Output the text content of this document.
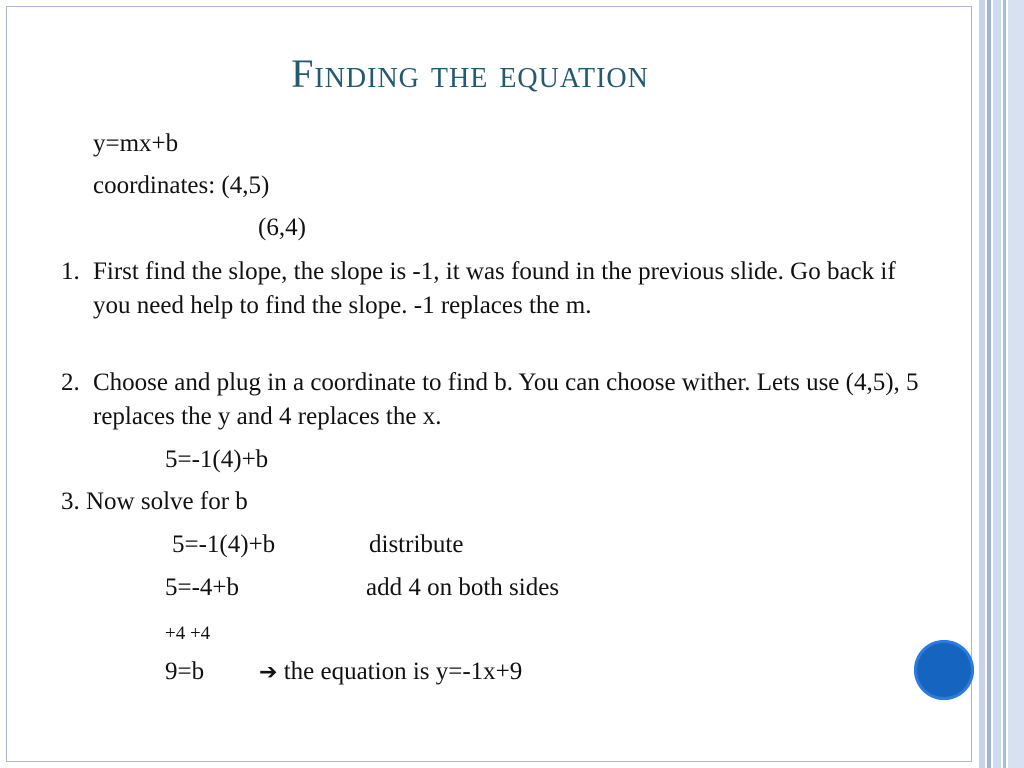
Finding the equation
y=mx+b
coordinates: (4,5)
(6,4)
1. First find the slope, the slope is -1, it was found in the previous slide. Go back if you need help to find the slope. -1 replaces the m.
2. Choose and plug in a coordinate to find b. You can choose wither. Lets use (4,5), 5 replaces the y and 4 replaces the x.
5=-1(4)+b
3. Now solve for b
5=-1(4)+b	distribute
5=-4+b	add 4 on both sides
+4 +4
9=b ➔ the equation is y=-1x+9
